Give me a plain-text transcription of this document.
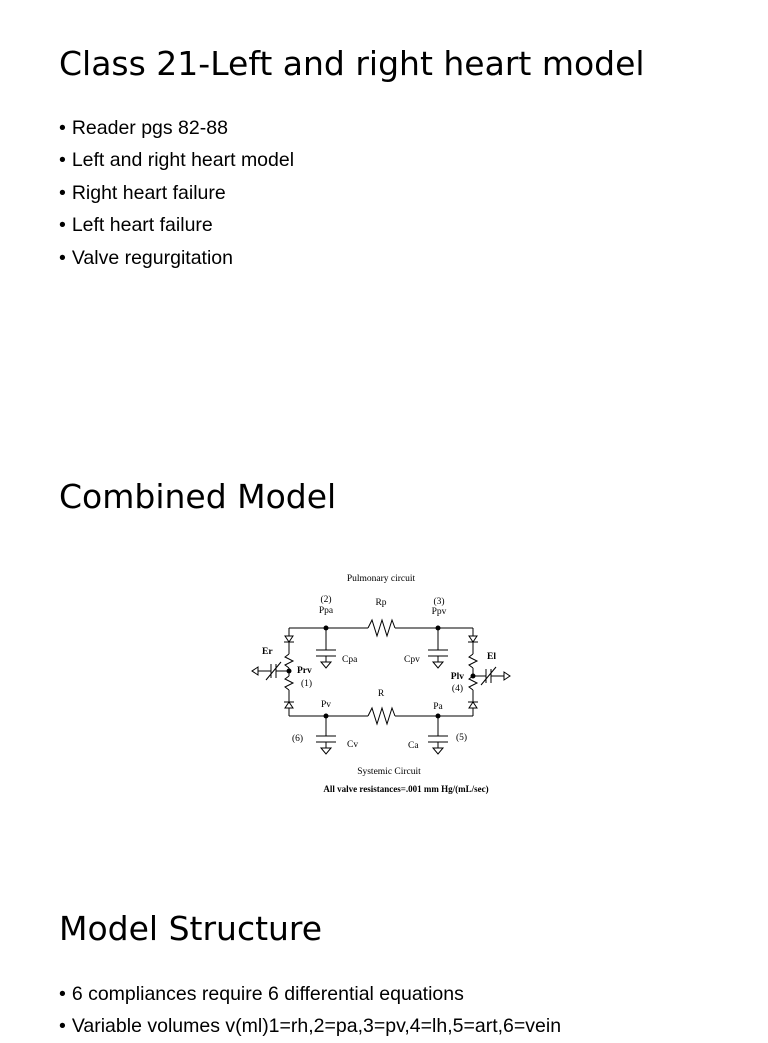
Class 21-Left and right heart model
• Reader pgs 82-88
• Left and right heart model
• Right heart failure
• Left heart failure
• Valve regurgitation
Combined Model
Pulmonary circuit
(2)
Ppa
(3)
Ppv
Rp
Cpa	Cpv
R
Er
Prv
(1)
El
Plv
(4)
Pv	Pa
(6)	(5)
Cv	Ca
Systemic Circuit
All valve resistances=.001 mm Hg/(mL/sec)
Model Structure
• 6 compliances require 6 differential equations
• Variable volumes v(ml)1=rh,2=pa,3=pv,4=lh,5=art,6=vein
